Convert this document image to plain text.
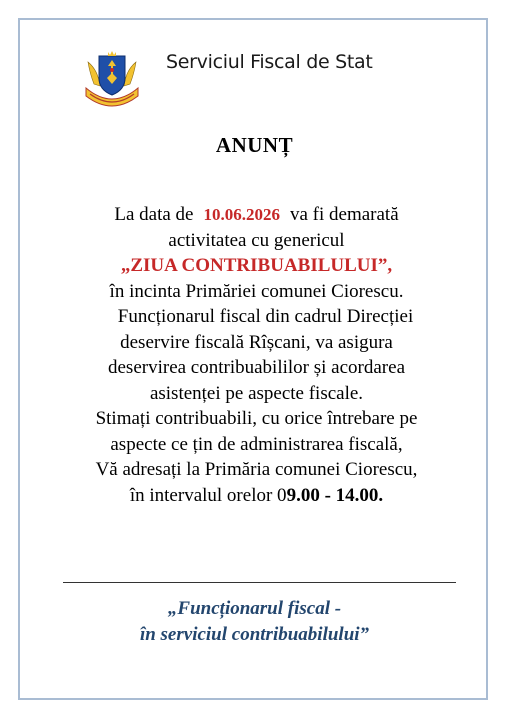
Serviciul Fiscal de Stat
ANUNȚ

La data de 10.06.2026 va fi demarată

activitatea cu genericul

„ZIUA CONTRIBUABILULUI”,

în incinta Primăriei comunei Ciorescu.

Funcționarul fiscal din cadrul Direcției

deservire fiscală Rîșcani, va asigura

deservirea contribuabililor și acordarea

asistenței pe aspecte fiscale.

Stimați contribuabili, cu orice întrebare pe

aspecte ce țin de administrarea fiscală,

Vă adresați la Primăria comunei Ciorescu,

în intervalul orelor 09.00 - 14.00.

„Funcționarul fiscal -
în serviciul contribuabilului”
